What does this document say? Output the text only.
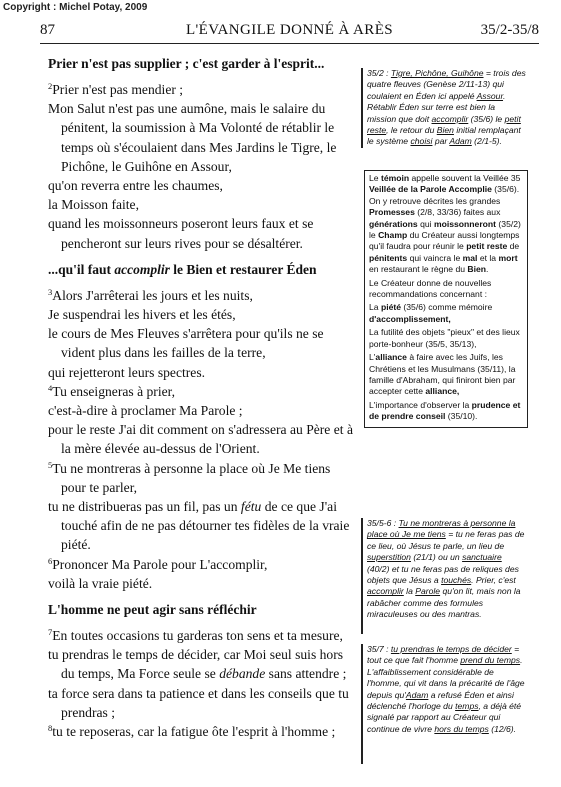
Copyright : Michel Potay, 2009
87	L'ÉVANGILE DONNÉ À ARÈS	35/2-35/8
Prier n'est pas supplier ; c'est garder à l'esprit...

$^2$Prier n'est pas mendier ;

Mon Salut n'est pas une aumône, mais le salaire du pénitent, la soumission à Ma Volonté de rétablir le temps où s'écoulaient dans Mes Jardins le Tigre, le Pichône, le Guihône en Assour,

qu'on reverra entre les chaumes,

la Moisson faite,

quand les moissonneurs poseront leurs faux et se pencheront sur leurs rives pour se désaltérer.

...qu'il faut accomplir le Bien et restaurer Éden

$^3$Alors J'arrêterai les jours et les nuits,

Je suspendrai les hivers et les étés,

le cours de Mes Fleuves s'arrêtera pour qu'ils ne se vident plus dans les failles de la terre,

qui rejetteront leurs spectres.

$^4$Tu enseigneras à prier,

c'est-à-dire à proclamer Ma Parole ;

pour le reste J'ai dit comment on s'adressera au Père et à la mère élevée au-dessus de l'Orient.

$^5$Tu ne montreras à personne la place où Je Me tiens pour te parler,

tu ne distribueras pas un fil, pas un fétu de ce que J'ai touché afin de ne pas détourner tes fidèles de la vraie piété.

$^6$Prononcer Ma Parole pour L'accomplir,

voilà la vraie piété.

L'homme ne peut agir sans réfléchir

$^7$En toutes occasions tu garderas ton sens et ta mesure,

tu prendras le temps de décider, car Moi seul suis hors du temps, Ma Force seule se débande sans attendre ;

ta force sera dans ta patience et dans les conseils que tu prendras ;

$^8$tu te reposeras, car la fatigue ôte l'esprit à l'homme ;

35/2 : Tigre, Pichône, Guihône = trois des quatre fleuves (Genèse 2/11-13) qui coulaient en Éden ici appelé Assour. Rétablir Éden sur terre est bien la mission que doit accomplir (35/6) le petit reste, le retour du Bien initial remplaçant le système choisi par Adam (2/1-5).

Le témoin appelle souvent la Veillée 35 Veillée de la Parole Accomplie (35/6). On y retrouve décrites les grandes Promesses (2/8, 33/36) faites aux générations qui moissonneront (35/2) le Champ du Créateur aussi longtemps qu'il faudra pour réunir le petit reste de pénitents qui vaincra le mal et la mort en restaurant le règne du Bien.

Le Créateur donne de nouvelles recommandations concernant :

La piété (35/6) comme mémoire d'accomplissement,

La futilité des objets "pieux" et des lieux porte-bonheur (35/5, 35/13),

L'alliance à faire avec les Juifs, les Chrétiens et les Musulmans (35/11), la famille d'Abraham, qui finiront bien par accepter cette alliance,

L'importance d'observer la prudence et de prendre conseil (35/10).

35/5-6 : Tu ne montreras à personne la place où Je me tiens = tu ne feras pas de ce lieu, où Jésus te parle, un lieu de superstition (21/1) ou un sanctuaire (40/2) et tu ne feras pas de reliques des objets que Jésus a touchés. Prier, c'est accomplir la Parole qu'on lit, mais non la rabâcher comme des formules miraculeuses ou des mantras.
35/7 : tu prendras le temps de décider = tout ce que fait l'homme prend du temps. L'affaiblissement considérable de l'homme, qui vit dans la précarité de l'âge depuis qu'Adam a refusé Éden et ainsi déclenché l'horloge du temps, a déjà été signalé par rapport au Créateur qui continue de vivre hors du temps (12/6).
